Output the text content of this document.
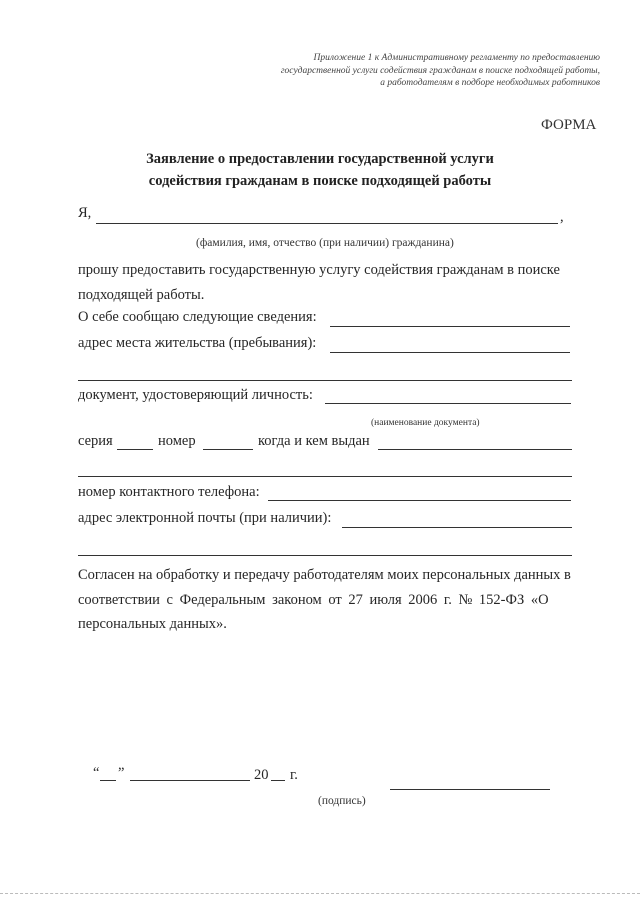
Приложение 1 к Административному регламенту по предоставлению
государственной услуги содействия гражданам в поиске подходящей работы,
а работодателям в подборе необходимых работников
ФОРМА
Заявление о предоставлении государственной услуги
содействия гражданам в поиске подходящей работы
Я,	,
(фамилия, имя, отчество (при наличии) гражданина)
прошу предоставить государственную услугу содействия гражданам в поиске
подходящей работы.
О себе сообщаю следующие сведения:
адрес места жительства (пребывания):
документ, удостоверяющий личность:
(наименование документа)
серия	номер	когда и кем выдан
номер контактного телефона:
адрес электронной почты (при наличии):
Согласен на обработку и передачу работодателям моих персональных данных в
соответствии с Федеральным законом от 27 июля 2006 г. № 152-ФЗ «О
персональных данных».
“ ”	20 г.
(подпись)
